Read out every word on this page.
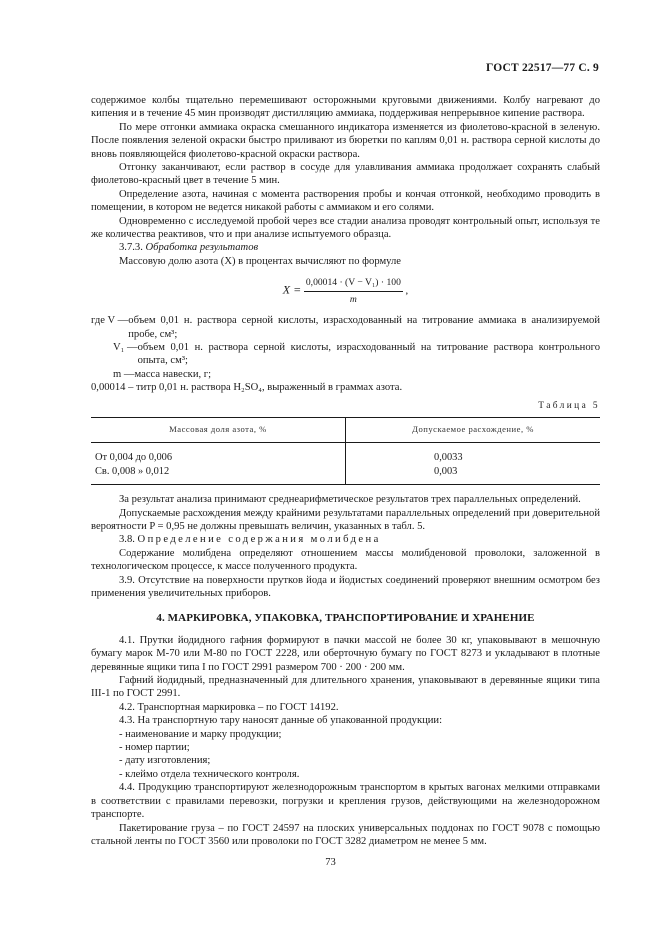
ГОСТ 22517—77 С. 9

содержимое колбы тщательно перемешивают осторожными круговыми движениями. Колбу нагревают до кипения и в течение 45 мин производят дистилляцию аммиака, поддерживая непрерывное кипение раствора.

По мере отгонки аммиака окраска смешанного индикатора изменяется из фиолетово-красной в зеленую. После появления зеленой окраски быстро приливают из бюретки по каплям 0,01 н. раствора серной кислоты до вновь появляющейся фиолетово-красной окраски раствора.

Отгонку заканчивают, если раствор в сосуде для улавливания аммиака продолжает сохранять слабый фиолетово-красный цвет в течение 5 мин.

Определение азота, начиная с момента растворения пробы и кончая отгонкой, необходимо проводить в помещении, в котором не ведется никакой работы с аммиаком и его солями.

Одновременно с исследуемой пробой через все стадии анализа проводят контрольный опыт, используя те же количества реактивов, что и при анализе испытуемого образца.

3.7.3. Обработка результатов

Массовую долю азота (X) в процентах вычисляют по формуле

$X = \frac{\text{0,00014 · (V − V₁) · 100}}{m}$ ,
где V — объем 0,01 н. раствора серной кислоты, израсходованный на титрование аммиака в анализируемой пробе, см³;
V₁ — объем 0,01 н. раствора серной кислоты, израсходованный на титрование раствора контрольного опыта, см³;
m — масса навески, г;
0,00014 – титр 0,01 н. раствора H₂SO₄, выраженный в граммах азота.
Таблица 5
Массовая доля азота, %	Допускаемое расхождение, %
От 0,004 до 0,006	0,0033
Св. 0,008 » 0,012	0,003

За результат анализа принимают среднеарифметическое результатов трех параллельных определений.

Допускаемые расхождения между крайними результатами параллельных определений при доверительной вероятности P = 0,95 не должны превышать величин, указанных в табл. 5.

3.8. Определение содержания молибдена

Содержание молибдена определяют отношением массы молибденовой проволоки, заложенной в технологическом процессе, к массе полученного продукта.

3.9. Отсутствие на поверхности прутков йода и йодистых соединений проверяют внешним осмотром без применения увеличительных приборов.

4. МАРКИРОВКА, УПАКОВКА, ТРАНСПОРТИРОВАНИЕ И ХРАНЕНИЕ

4.1. Прутки йодидного гафния формируют в пачки массой не более 30 кг, упаковывают в мешочную бумагу марок М-70 или М-80 по ГОСТ 2228, или оберточную бумагу по ГОСТ 8273 и укладывают в плотные деревянные ящики типа I по ГОСТ 2991 размером 700 · 200 · 200 мм.

Гафний йодидный, предназначенный для длительного хранения, упаковывают в деревянные ящики типа III-1 по ГОСТ 2991.

4.2. Транспортная маркировка – по ГОСТ 14192.

4.3. На транспортную тару наносят данные об упакованной продукции:

- наименование и марку продукции;
- номер партии;
- дату изготовления;
- клеймо отдела технического контроля.

4.4. Продукцию транспортируют железнодорожным транспортом в крытых вагонах мелкими отправками в соответствии с правилами перевозки, погрузки и крепления грузов, действующими на железнодорожном транспорте.

Пакетирование груза – по ГОСТ 24597 на плоских универсальных поддонах по ГОСТ 9078 с помощью стальной ленты по ГОСТ 3560 или проволоки по ГОСТ 3282 диаметром не менее 5 мм.

73
